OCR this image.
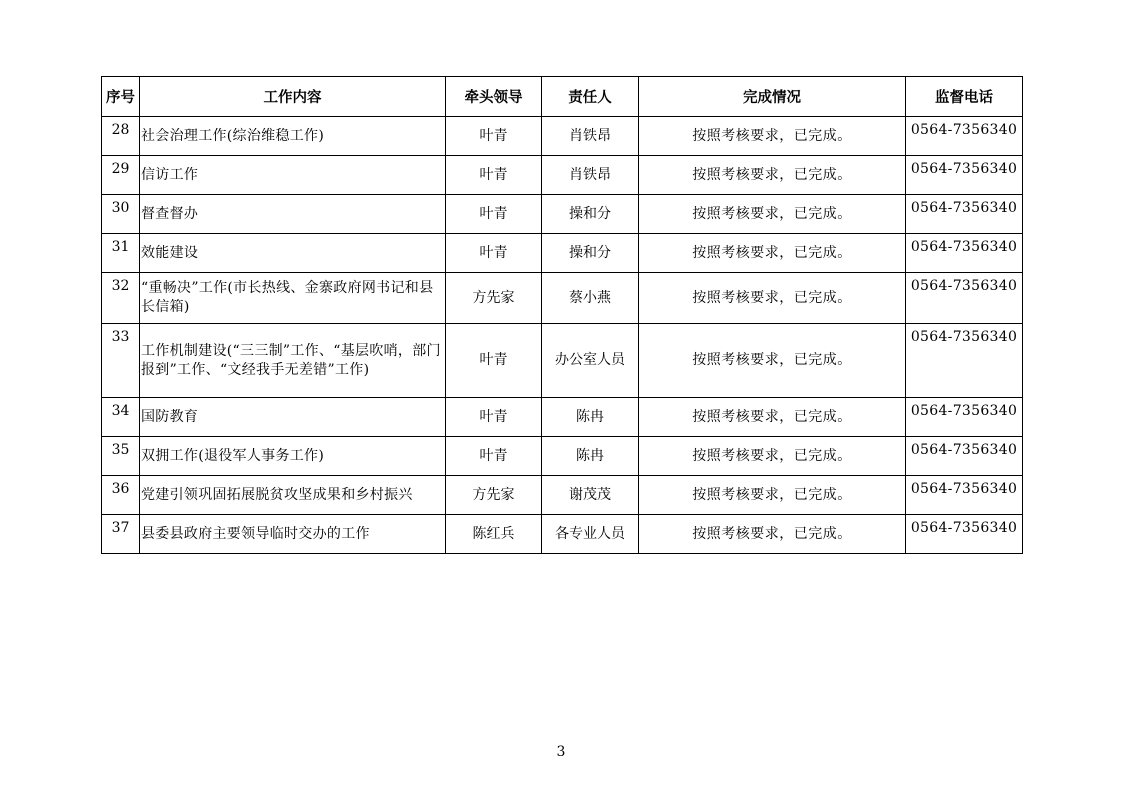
序号	工作内容	牵头领导	责任人	完成情况	监督电话
28	社会治理工作(综治维稳工作)	叶青	肖铁昂	按照考核要求，已完成。	0564-7356340
29	信访工作	叶青	肖铁昂	按照考核要求，已完成。	0564-7356340
30	督查督办	叶青	操和分	按照考核要求，已完成。	0564-7356340
31	效能建设	叶青	操和分	按照考核要求，已完成。	0564-7356340
32	“重畅决”工作(市长热线、金寨政府网书记和县长信箱)	方先家	蔡小燕	按照考核要求，已完成。	0564-7356340
33	工作机制建设(“三三制”工作、“基层吹哨，部门报到”工作、“文经我手无差错”工作)	叶青	办公室人员	按照考核要求，已完成。	0564-7356340
34	国防教育	叶青	陈冉	按照考核要求，已完成。	0564-7356340
35	双拥工作(退役军人事务工作)	叶青	陈冉	按照考核要求，已完成。	0564-7356340
36	党建引领巩固拓展脱贫攻坚成果和乡村振兴	方先家	谢茂茂	按照考核要求，已完成。	0564-7356340
37	县委县政府主要领导临时交办的工作	陈红兵	各专业人员	按照考核要求，已完成。	0564-7356340
3
